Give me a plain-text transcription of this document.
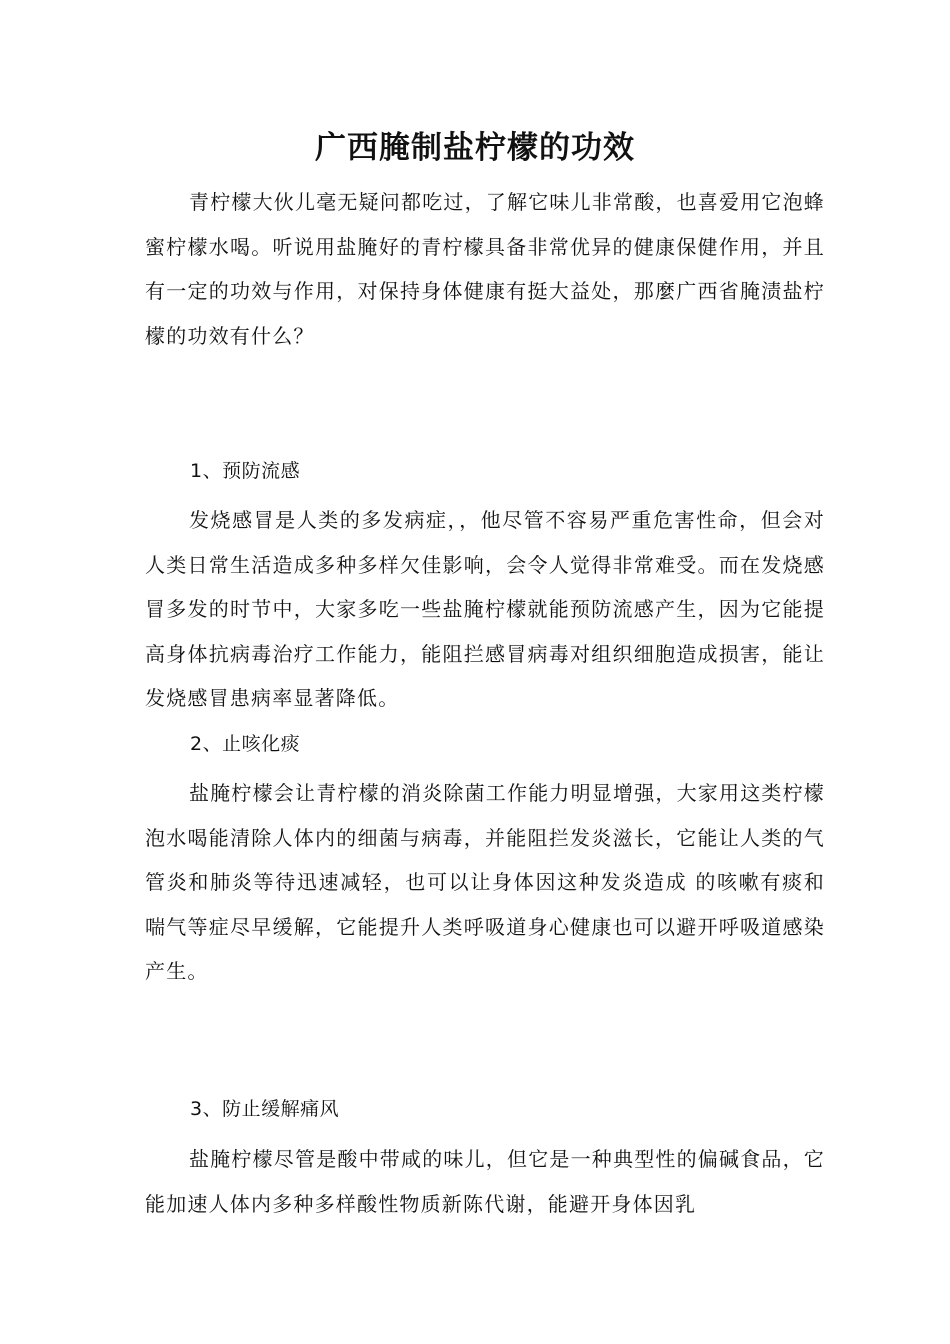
广西腌制盐柠檬的功效

青柠檬大伙儿毫无疑问都吃过，了解它味儿非常酸，也喜爱用它泡蜂蜜柠檬水喝。听说用盐腌好的青柠檬具备非常优异的健康保健作用，并且有一定的功效与作用，对保持身体健康有挺大益处，那麼广西省腌渍盐柠檬的功效有什么？

1、预防流感

发烧感冒是人类的多发病症，，他尽管不容易严重危害性命，但会对人类日常生活造成多种多样欠佳影响，会令人觉得非常难受。而在发烧感冒多发的时节中，大家多吃一些盐腌柠檬就能预防流感产生，因为它能提高身体抗病毒治疗工作能力，能阻拦感冒病毒对组织细胞造成损害，能让发烧感冒患病率显著降低。

2、止咳化痰

盐腌柠檬会让青柠檬的消炎除菌工作能力明显增强，大家用这类柠檬泡水喝能清除人体内的细菌与病毒，并能阻拦发炎滋长，它能让人类的气管炎和肺炎等待迅速减轻，也可以让身体因这种发炎造成 的咳嗽有痰和喘气等症尽早缓解，它能提升人类呼吸道身心健康也可以避开呼吸道感染产生。

3、防止缓解痛风

盐腌柠檬尽管是酸中带咸的味儿，但它是一种典型性的偏碱食品，它能加速人体内多种多样酸性物质新陈代谢，能避开身体因乳
